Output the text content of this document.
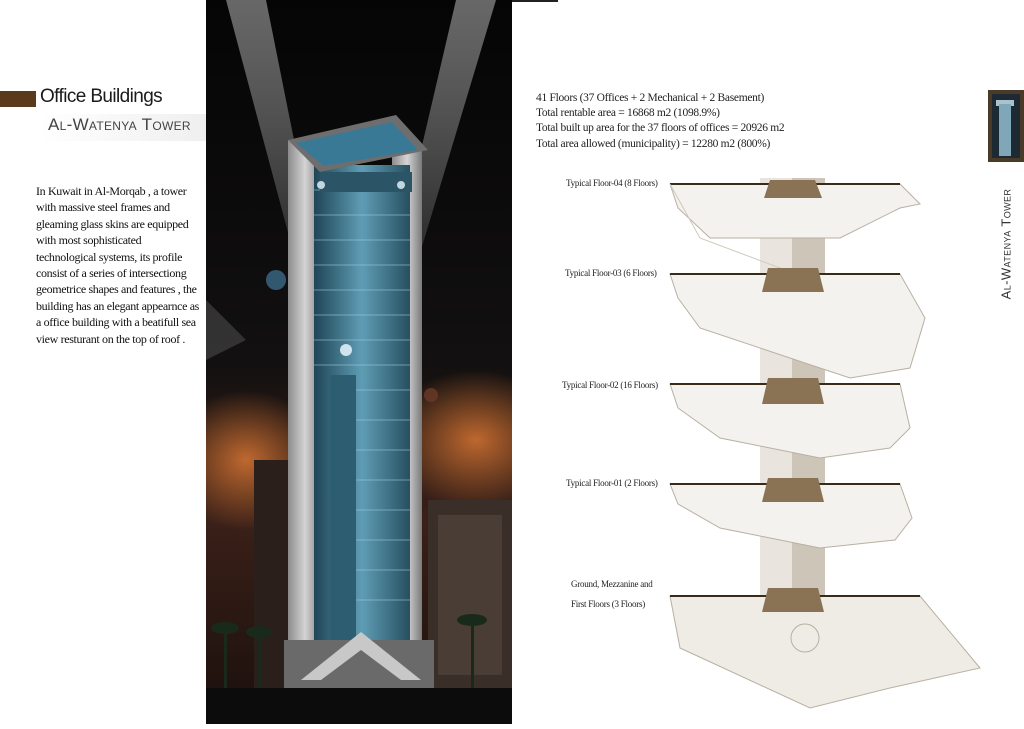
Office Buildings
Al-Watenya Tower
In Kuwait in Al-Morqab , a tower with massive steel frames and gleaming glass skins are equipped with most sophisticated technological systems, its profile consist of a series of intersectiong geometrice shapes and features , the building has an elegant appearnce as a office building with a beatifull sea view resturant on the top of roof .
41 Floors (37 Offices + 2 Mechanical + 2 Basement)
Total rentable area = 16868 m2 (1098.9%)
Total built up area for the 37 floors of offices = 20926 m2
Total area allowed (municipality) = 12280 m2 (800%)
Typical Floor-04 (8 Floors)
Typical Floor-03 (6 Floors)
Typical Floor-02 (16 Floors)
Typical Floor-01 (2 Floors)
Ground, Mezzanine and
First Floors (3 Floors)
Al-Watenya Tower
